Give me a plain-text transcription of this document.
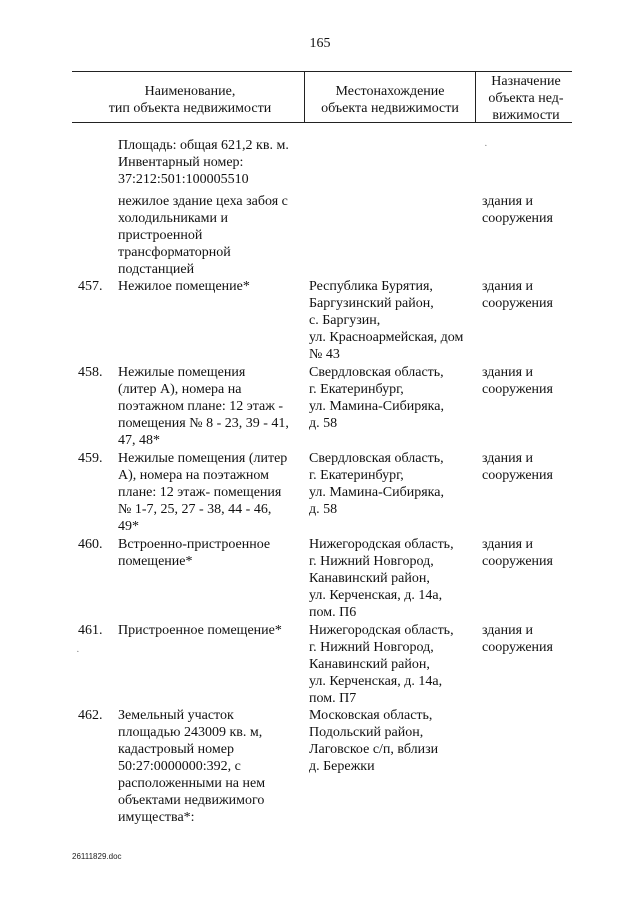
165
Наименование,
тип объекта недвижимости
Местонахождение
объекта недвижимости
Назначение
объекта нед-
вижимости
Площадь: общая 621,2 кв. м.
Инвентарный номер:
37:212:501:100005510
нежилое здание цеха забоя с
холодильниками и
пристроенной
трансформаторной
подстанцией
здания и
сооружения
457. Нежилое помещение*	Республика Бурятия,
Баргузинский район,
с. Баргузин,
ул. Красноармейская, дом
№ 43
здания и
сооружения
458. Нежилые помещения
(литер А), номера на
поэтажном плане: 12 этаж -
помещения № 8 - 23, 39 - 41,
47, 48*
Свердловская область,
г. Екатеринбург,
ул. Мамина-Сибиряка,
д. 58
здания и
сооружения
459. Нежилые помещения (литер
А), номера на поэтажном
плане: 12 этаж- помещения
№ 1-7, 25, 27 - 38, 44 - 46,
49*
Свердловская область,
г. Екатеринбург,
ул. Мамина-Сибиряка,
д. 58
здания и
сооружения
460. Встроенно-пристроенное
помещение*
Нижегородская область,
г. Нижний Новгород,
Канавинский район,
ул. Керченская, д. 14а,
пом. П6
здания и
сооружения
461. Пристроенное помещение*	Нижегородская область,
г. Нижний Новгород,
Канавинский район,
ул. Керченская, д. 14а,
пом. П7
здания и
сооружения
462. Земельный участок
площадью 243009 кв. м,
кадастровый номер
50:27:0000000:392, с
расположенными на нем
объектами недвижимого
имущества*:
Московская область,
Подольский район,
Лаговское с/п, вблизи
д. Бережки
·
·
26111829.doc
